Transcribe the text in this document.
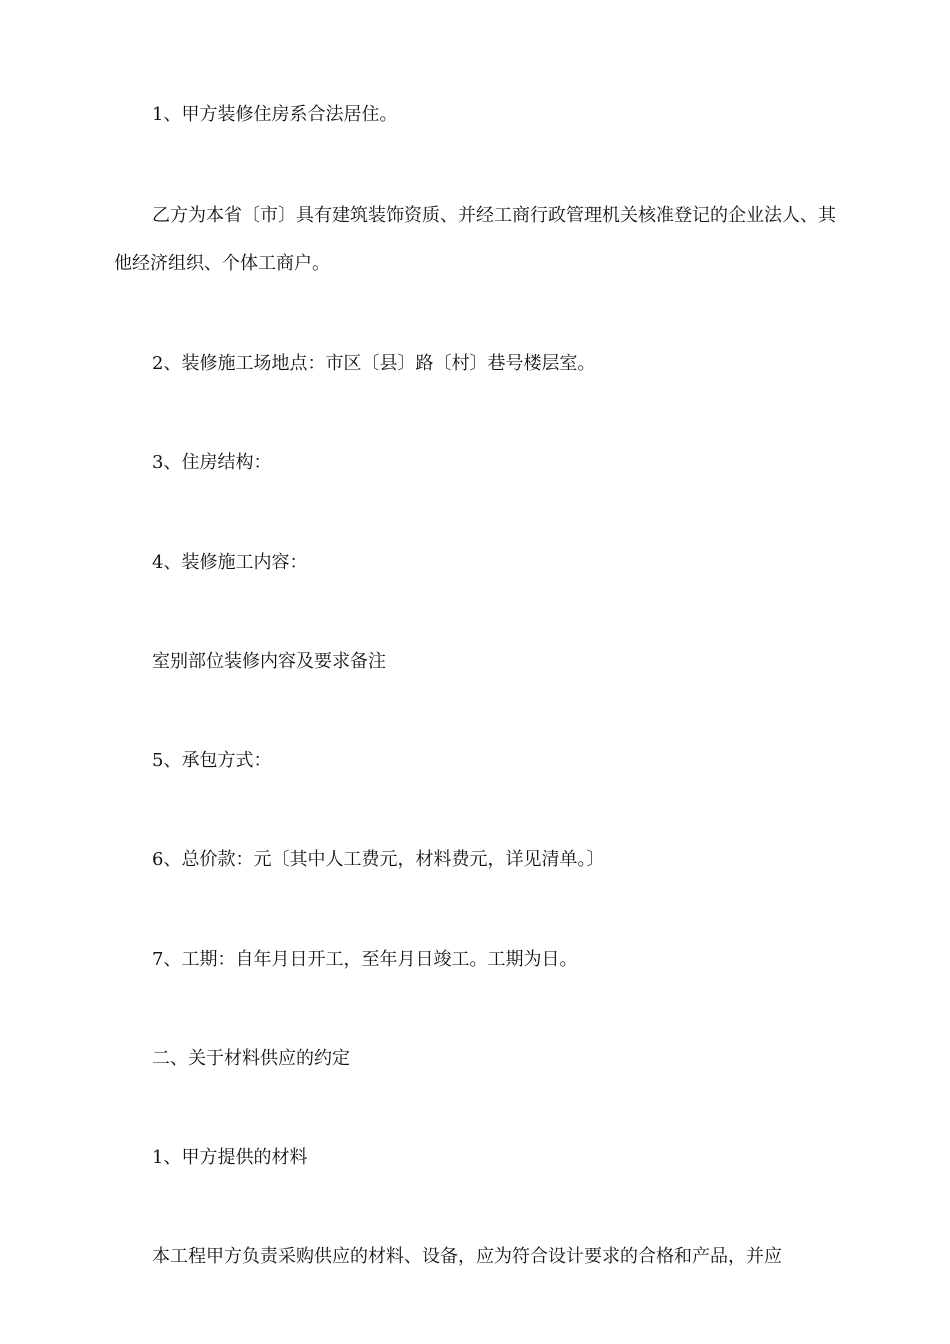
1、甲方装修住房系合法居住。

乙方为本省〔市〕具有建筑装饰资质、并经工商行政管理机关核准登记的企业法人、其他经济组织、个体工商户。

2、装修施工场地点：市区〔县〕路〔村〕巷号楼层室。

3、住房结构：

4、装修施工内容：

室别部位装修内容及要求备注

5、承包方式：

6、总价款：元〔其中人工费元，材料费元，详见清单。〕

7、工期：自年月日开工，至年月日竣工。工期为日。

二、关于材料供应的约定

1、甲方提供的材料

本工程甲方负责采购供应的材料、设备，应为符合设计要求的合格和产品，并应
